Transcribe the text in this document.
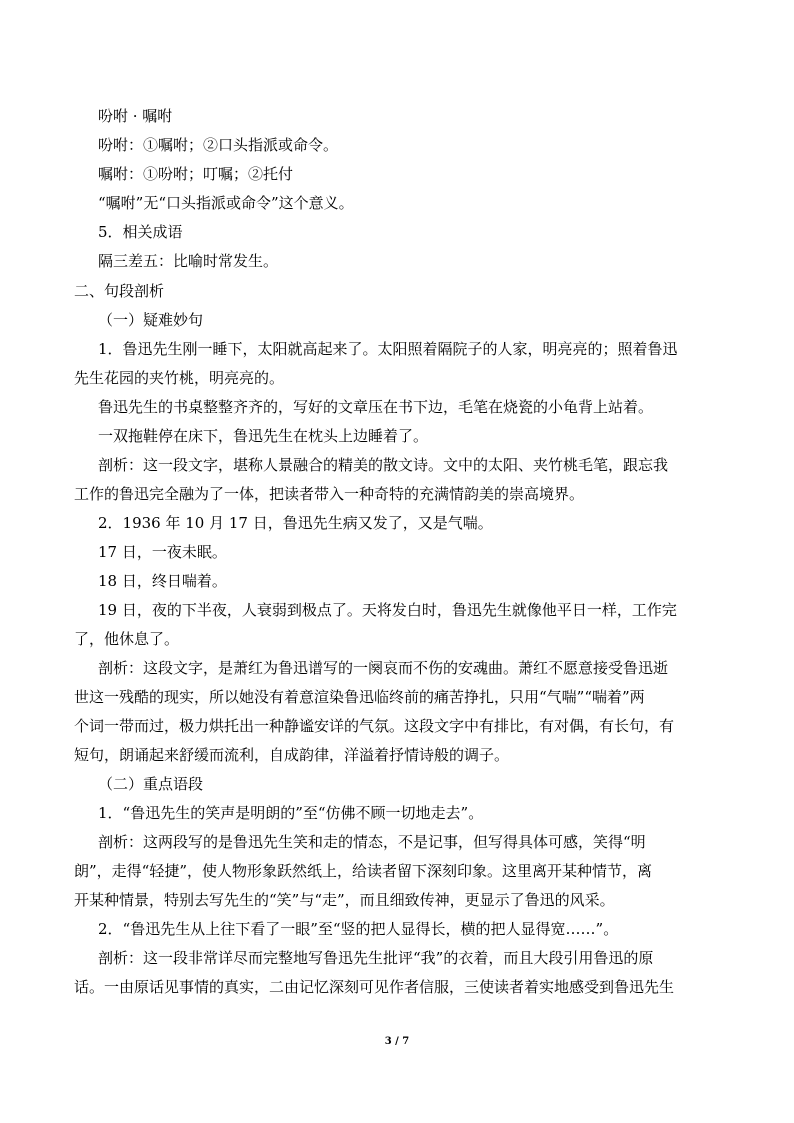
吩咐 · 嘱咐
吩咐：①嘱咐；②口头指派或命令。
嘱咐：①吩咐；叮嘱；②托付
“嘱咐”无“口头指派或命令”这个意义。
5．相关成语
隔三差五：比喻时常发生。
二、句段剖析
（一）疑难妙句
1．鲁迅先生刚一睡下，太阳就高起来了。太阳照着隔院子的人家，明亮亮的；照着鲁迅
先生花园的夹竹桃，明亮亮的。
鲁迅先生的书桌整整齐齐的，写好的文章压在书下边，毛笔在烧瓷的小龟背上站着。
一双拖鞋停在床下，鲁迅先生在枕头上边睡着了。
剖析：这一段文字，堪称人景融合的精美的散文诗。文中的太阳、夹竹桃毛笔，跟忘我
工作的鲁迅完全融为了一体，把读者带入一种奇特的充满情韵美的崇高境界。
2．1936 年 10 月 17 日，鲁迅先生病又发了，又是气喘。
17 日，一夜未眠。
18 日，终日喘着。
19 日，夜的下半夜，人衰弱到极点了。天将发白时，鲁迅先生就像他平日一样，工作完
了，他休息了。
剖析：这段文字，是萧红为鲁迅谱写的一阕哀而不伤的安魂曲。萧红不愿意接受鲁迅逝
世这一残酷的现实，所以她没有着意渲染鲁迅临终前的痛苦挣扎，只用“气喘”“喘着”两
个词一带而过，极力烘托出一种静谧安详的气氛。这段文字中有排比，有对偶，有长句，有
短句，朗诵起来舒缓而流利，自成韵律，洋溢着抒情诗般的调子。
（二）重点语段
1．“鲁迅先生的笑声是明朗的”至“仿佛不顾一切地走去”。
剖析：这两段写的是鲁迅先生笑和走的情态，不是记事，但写得具体可感，笑得“明
朗”，走得“轻捷”，使人物形象跃然纸上，给读者留下深刻印象。这里离开某种情节，离
开某种情景，特别去写先生的“笑”与“走”，而且细致传神，更显示了鲁迅的风采。
2．“鲁迅先生从上往下看了一眼”至“竖的把人显得长，横的把人显得宽……”。
剖析：这一段非常详尽而完整地写鲁迅先生批评“我”的衣着，而且大段引用鲁迅的原
话。一由原话见事情的真实，二由记忆深刻可见作者信服，三使读者着实地感受到鲁迅先生
3 / 7
